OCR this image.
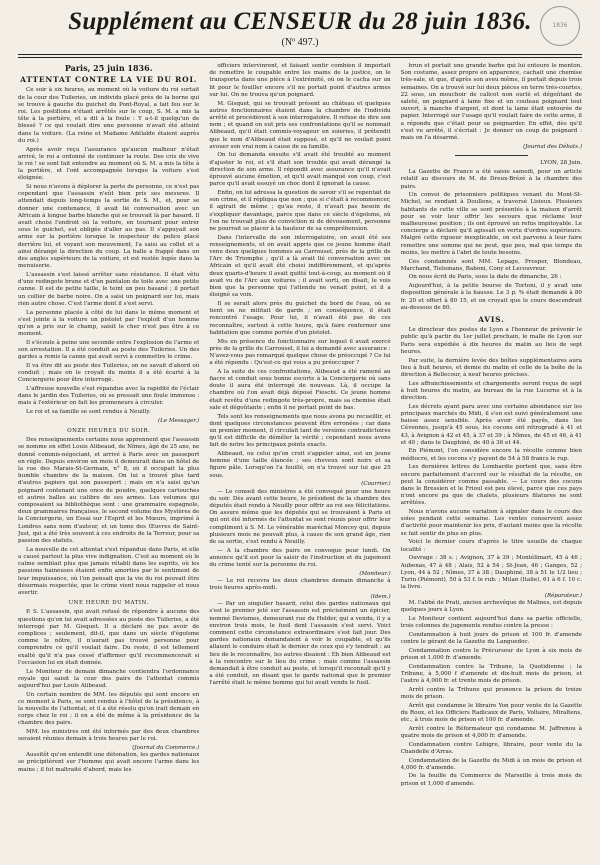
Supplément au CENSEUR du 28 juin 1836.
(Nº 497.)
1836
Paris, 25 juin 1836.
ATTENTAT CONTRE LA VIE DU ROI.

Ce soir à six heures, au moment où la voiture du roi sortait de la cour des Tuileries, un individu placé près de la borne qui se trouve à gauche du guichet du Pont-Royal, a fait feu sur le roi. Les postillons n'étant arrêtés sur le coup, S. M. a mis la tête à la portière, et a dit à la foule : Y a-t-il quelqu'un de blessé ? ce qui voulait dire une personne n'avait été atteint dans la voiture. (La reine et Madame Adélaïde étaient auprès du roi.)

Après avoir reçu l'assurance qu'aucun malheur n'était arrivé, le roi a ordonné de continuer la route. Des cris de vive le roi ! se sont fait entendre au moment où S. M. a mis la tête à la portière, et l'ont accompagnée lorsque la voiture s'est éloignée.

Si nous n'avons à déplorer la perte de personne, ce n'est pas cependant que l'assassin n'eût bien pris ses mesures. Il attendait depuis long-temps la sortie de S. M., et, pour se donner une contenance, il avait lié conversation avec un Africain à longue barbe blanche qui se trouvait là par hasard. Il avait choisi l'endroit où la voiture, en tournant pour entrer sous le guichet, est obligée d'aller au pas. Il s'appuyait son arme sur la portière lorsque le inspecteur de police placé derrière lui, et voyant son mouvement, l'a saisi au collet et a ainsi dérangé la direction du coup. La balle a frappé dans un des angles supérieurs de la voiture, et est restée logée dans la menuiserie.

L'assassin s'est laissé arrêter sans résistance. Il était vêtu d'une redingote brune et d'un pantalon de toile avec une petite canne. Il est de petite taille, le teint un peu basané ; il portait un collier de barbe noire. On a saisi un poignard sur lui, mais rien autre chose. C'est l'arme dont il s'est servi.

La personne placée à côté de lui dans le même moment et s'est jointe à la voiture un pistolet par l'exploit d'un homme qu'on a pris sur le champ, saisit le cher n'est pas être à ce moment.

Il s'écoule à peine une seconde entre l'explosion de l'arme et son arrestation. Il a été conduit au poste des Tuileries. Un des gardes a remis la canne qui avait servi à commettre le crime.

Il va être dit au poste des Tuileries, on ne savait d'abord où conduit ; mais on le croyait du moins il a été écarté à la Conciergerie pour être interrogé.

L'affreuse nouvelle s'est répandue avec la rapidité de l'éclair dans le jardin des Tuileries, où se pressait une foule immense : mais à l'extérieur on fait les promeneurs à circuler.

Le roi et sa famille se sont rendus à Neuilly.

(Le Messager.)
ONZE HEURES DU SOIR.

Des renseignements certains nous apprennent que l'assassin se nomme en effet Louis Alibeaud, de Nîmes, âgé de 25 ans, ne donné commis-négociant, et arrivé à Paris avec un passeport en règle. Depuis environ un mois il demeurait dans un hôtel de la rue des Marais-St-Germain, n° 8, où il occupait la plus humble chambre de la maison. On lui a trouvé plus tard d'autres papiers qui son passeport ; mais on n'a saisi qu'un poignard contenant une once de poudre, quelques cartouches et autres balles au calibre de ses armes. Les volumes qui composaient sa bibliothèque sont : une grammaire espagnole, deux grammaires françaises, le second volume des Mystères de la Conciergerie, un Essai sur l'Esprit et les Mœurs, imprimé à Londres sans nom d'auteur, et un tome des Œuvres de Saint-Just, qui a été très souvent à ces endroits de la Terreur, pour sa passion des statuts.

La nouvelle de cet attentat s'est répandue dans Paris, et elle a causé partout la plus vive indignation. C'est au moment où le calme semblait plus que jamais rétabli dans les esprits, où les passions haineuses étaient enfin amorties par le sentiment de leur impuissance, où l'on pensait que la vie du roi pouvait être désormais respectée, que le crime vient nous rappeler et nous avertir.

UNE HEURE DU MATIN.

P. S. L'assassin, qui avait refusé de répondre à aucune des questions qu'on lui avait adressées au poste des Tuileries, a été interrogé par M. Gisquet. Il a déclaré ne pas avoir de complices ; seulement, dit-il, que dans un siècle d'égoïsme comme le nôtre, il n'aurait pas trouvé personne pour comprendre ce qu'il voulait faire. Du reste, il est tellement exalté qu'il n'a pas cessé d'affirmer qu'il recommencerait si l'occasion lui en était donnée.

Le Moniteur de demain dimanche contiendra l'ordonnance royale qui saisit la cour des pairs de l'attentat commis aujourd'hui par Louis Alibeaud.

Un certain nombre de MM. les députés qui sont encore en ce moment à Paris, se sont rendus à l'hôtel de la présidence, à la nouvelle de l'attentat, et il a été résolu qu'on irait demain en corps chez le roi ; il en a été de même à la présidence de la chambre des pairs.

MM. les ministres ont été informés par des deux chambres seraient réunies demain à trois heures par le roi.

(Journal du Commerce.)

Aussitôt qu'on entendit une détonation, les gardes nationaux se précipitèrent sur l'homme qui avait encore l'arme dans les mains ; il fut maltraité d'abord, mais les

officiers intervinrent, et faisant sentir combien il importait de remettre le coupable entre les mains de la justice, on le transporta dans une pièce à l'extrémité, où on le cacha sur un lit pour le fouiller encore s'il ne portait point d'autres armes sur lui. On ne trouva qu'un poignard.

M. Gisquet, qui se trouvait présent au château et quelques autres fonctionnaires étaient dans la chambre de l'individu arrêté et procédèrent à son interrogatoire. Il refuse de dire son nom ; et quand on eut pris ses confrontations qu'il se nommait Alibeaud, qu'il était commis-voyageur en soieries, il prétendit que le nom d'Alibeaud était supposé, et qu'il ne voulait point avouer son vrai nom à cause de sa famille.

On lui demanda ensuite s'il avait été troublé au moment d'ajuster le roi, et s'il était son trouble qui avait dérangé la direction de son arme. Il répondit avec assurance qu'il n'avait éprouvé aucune émotion, et qu'il avait manqué son coup, c'est parce qu'il avait essuyé un choc dont il ignorait la cause.

Enfin, on lui adressa la question de savoir s'il se repentait de son crime, et il répliqua que non ; que si c'était à recommencer, il agirait de même ; qu'au reste, il n'avait pas besoin de s'expliquer davantage, parce que dans ce siècle d'égoïsme, où l'on ne trouvait plus de conviction ni de dévouement, personne ne pourrait se placer à la hauteur de sa compréhension.

Dans l'intervalle de son interrogatoire, on avait été ses renseignements, et on avait appris que ce jeune homme était venu deux quelques hommes au Carrousel, près de la grille de l'Arc de Triomphe ; qu'il a là avait lié conversation avec un Africain et qu'il avait été choisi indifféremment, et qu'après deux quarts-d'heure il avait quitté tout-à-coup, au moment où il avait vu de l'Arc aux voitures ; il avait sorti, on disait, le vois bien que la personne qui l'attendu ne venait point, et il a éloigné sa voix.

Il se serait alors près du guichet du bord de l'eau, où se tient on ne militait de garde ; en conséquence, il était rencontré l'usage. Pour lui, il n'avait été pas de ces reconnaître, surtout à cette heure, qu'à faire renfermer une habitation que comme portée d'un pistolet.

Mis en présence du fonctionnaire sur lequel il avait exercé près de la grille du Carrousel, il lui a demandé avec assurance : N'avez-vous pas remarqué quelque chose de préoccupé ? Ce lui a été répondu : Qu'est-ce qui vous a pu préoccuper ?

A la suite de ces confrontations, Alibeaud a été ramené au fiacre et conduit sous bonne escorte à la Conciergerie où sans doute il aura été interrogé de nouveau. Là, il occupe la chambre où l'on avait déjà déposé Fieschi. Ce jeune homme était revêtu d'une redingote très-propre, mais sa chemise était sale et dégoûtante ; enfin il ne portait point de bas.

Tels sont les renseignements que nous avons pu recueillir, et dont quelques circonstances peuvent être erronées ; car dans un premier moment, il circulait tant de versions contradictoires qu'il est difficile de démêler la vérité ; cependant nous avons fait de notre les principaux points exacts.

Alibeaud, ou celui qu'on croit s'appeler ainsi, est un jeune homme d'une taille élancée ; ses cheveux sont noirs et sa figure pâle. Lorsqu'on l'a fouillé, on n'a trouvé sur lui que 25 sous.

(Courrier.)

— Le conseil des ministres a été convoqué pour une heure du soir. Dès avant cette heure, le président de la chambre des députés était rendu à Neuilly pour offrir au roi ses félicitations. On assure même que les députés qui se trouvaient à Paris et qui ont été informés de l'attentat se sont réunis pour offrir leur compliment à S. M. Le vénérable maréchal Moncey qui, depuis plusieurs mois ne pouvait plus, à cause de son grand âge, rien de sa sortie, s'est rendu à Neuilly.

— A la chambre des pairs on convoque pour lundi. On annonce qu'il est pour la saisir de l'instruction et du jugement du crime tenté sur la personne du roi.

(Moniteur.)

— Le roi recevra les deux chambres demain dimanche à trois heures après-midi.

(Idem.)

— Par un singulier hasard, celui des gardes nationaux qui s'est le premier jeté sur l'assassin est précisément un épicier, nommé Devismes, demeurant rue du Helder, qui a vendu, il y a environ trois mois, le fusil dont l'assassin s'est servi. Voici comment cette circonstance extraordinaire s'est fait jour. Des gardes nationaux demandaient à voir le coupable, et qu'ils allaient le conduire était le dernier de ceux qui s'y tendrait : au lieu de le reconnaître, les autres disaient : Eh bien Alibeaud est à la rencontre sur le lieu du crime ; mais comme l'assassin demandait à être conduit au poste, et lorsqu'il reconnaît qu'il y a été conduit, en disant que le garde national que le premier l'arrêté était le même homme qui lui avait vendu le fusil.

brun et portait une grande barbe qui lui entoure le menton. Son costume, assez propre en apparence, cachait une chemise très-sale, et que, d'après son aveu même, il portait depuis trois semaines. On a trouvé sur lui deux pièces en terre très-courtes, 22 sous, un mouchoir de calicot non ourlé et dégoûtant de saleté, un poignard à lame fixe et un couteau poignard tout ouvert, à manche d'argent, et dont la lame était entourée de papier. Interrogé sur l'usage qu'il voulait faire de cette arme, il a répondu que c'était pour se poignarder. En effet, dès qu'il s'est vu arrêté, il s'écriait : Je donner un coup de poignard : mais on l'a désarmé.

(Journal des Débats.)
LYON, 28 Juin.

La Gazette de France a été saisie samedi, pour un article relatif au discours de M. de Dreux-Brézé à la chambre des pairs.

Un convoi de prisonniers politiques venant du Mont-St-Michel, se rendant à Doullens, a traversé Lisieux. Plusieurs habitants de cette ville se sont présentés à la maison d'arrêt pour se voir leur offrir les secours que réclame leur malheureuse position ; ils ont éprouvé un refus impitoyable. Le concierge a déclaré qu'il agissait en vertu d'ordres supérieurs. Malgré cette rigueur inexplicable, on est parvenu à leur faire remettre une somme qui ne peut, que peu, mal que temps du moins, les mettre à l'abri de toute besoins.

Ces condamnés sont MM. Lepage, Prosper, Blondeau, Marchand, Tielemans, Baboni, Cony et Lecouvreur.

On nous écrit de Paris, sous la date de dimanche, 26 :

Aujourd'hui, à la petite bourse de Tortoni, il y avait une disposition générale à la hausse. Le 3 p. % était demandé à 80 fr. 20 et offert à 80 15, et on croyait que le cours descendrait au-dessous de 80.

AVIS.

Le directeur des postes de Lyon a l'honneur de prévenir le public qu'à partir du 1er juillet prochain, le malle de Lyon sur Paris sera expédiée à dix heures du matin au lieu de sept heures.

Par suite, la dernière levée des boîtes supplémentaires aura lieu à huit heures, et demie du matin et celle de la boîte de la direction à Bellecour, à neuf heures précises.

Les affranchissements et chargements seront reçus de sept à huit heures du matin, au bureau de la rue Lucerne et à la direction.

Les décrets ayant paru avec une certaine abondance sur les principaux marchés du Midi, il s'en est suivi généralement une baisse assez sensible. Après avoir été payés, dans les Cévennes, jusqu'à 45 sous, les cocons ont rétrogradé à 41 et 43, à Avignon à 42 et 45, à 37 et 39 ; à Nîmes, de 45 et 46, à 41 et 40 ; dans le Dauphiné, de 40 à 36 et 44.

En Piémont, l'on considère encore la récolte comme bien médiocre, et les cocons s'y payent de 54 à 58 francs le rup.

Les dernières lettres de Lombardie portent que, sans être encore parfaitement d'accord sur le résultat de la récolte, on peut la considérer comme passable. — Le cours des cocons dans le Bressien et le Frioul est peu élevé, parce que ces pays n'ont encore pu que de chalets, plusieurs filatures ne sont arrêtées.

Nous n'avons aucune variation à signaler dans le cours des soies pendant cette semaine. Les ventes conservent assez d'activité pour maintenir les prix, d'autant moins que la récolte se fait sentir de plus en plus.

Voici le dernier cours d'après le titre usuelle de chaque localité :

Ouvrage : 38 s. ; Avignon, 37 à 39 ; Montélimart, 45 à 46 ; Aubenas, 47 à 48 ; Alais, 52 à 54 ; St-Jean, 46 ; Ganges, 52 ; Lyon, 44 à 52 ; Nîmes, 37 à 38 ; Dauphiné, 38 à 51 le 1/2 lieu ; Turin (Piémont), 50 à 53 f. le rub. ; Milan (Italie), 61 à 6 f. 10 c. la livre.

(Réparateur.)

M. l'abbé de Prati, ancien archevêque de Malines, est depuis quelques jours à Lyon.

Le Moniteur contient aujourd'hui dans sa partie officielle, trois colonnes de jugements rendus contre la presse :

Condamnation à huit jours de prison et 100 fr. d'amende contre le gérant de la Gazette du Languedoc.

Condamnation contre le Précurseur de Lyon à six mois de prison et 1,000 fr. d'amende.

Condamnation contre la Tribune, la Quotidienne ; la Tribune, à 5,000 f d'amende et dix-huit mois de prison, et l'autre à 4,000 fr. et trente mois de prison.

Arrêt contre la Tribune qui prononce la prison de treize mois de prison.

Arrêt qui condamne le libraire Yon pour vente de la Gazette du Roux, et les Officiers Radicaux de Paris, Voltaire, Miraltens, etc., à trois mois de prison et 100 fr. d'amende.

Arrêt contre le Réformateur qui condamne M. Jaffrenou à quatre mois de prison et 4,000 fr. d'amende.

Condamnation contre Lebigre, libraire, pour vente du la Chandelle d'Arras.

Condamnation de la Gazette du Midi à un mois de prison et 4,000 fr. d'amende.

De la feuille du Commerce de Marseille à trois mois de prison et 1,000 d'amende.
